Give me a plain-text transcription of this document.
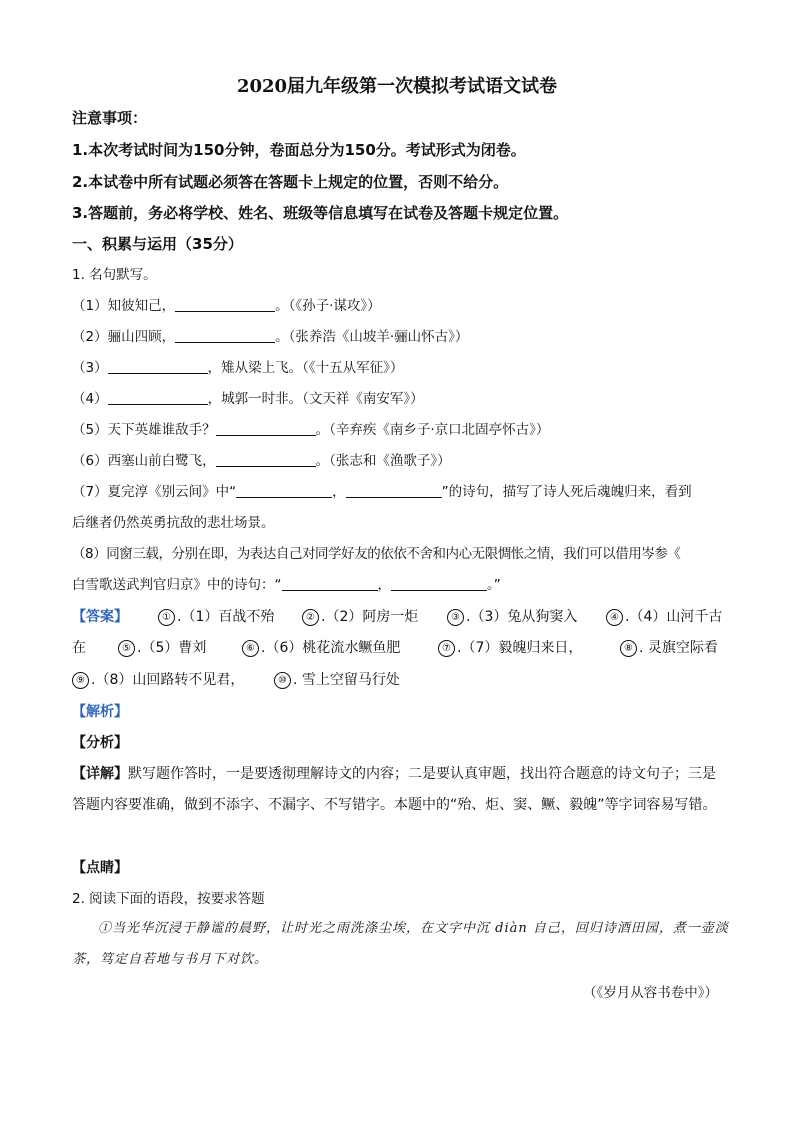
2020届九年级第一次模拟考试语文试卷
注意事项：
1.本次考试时间为150分钟，卷面总分为150分。考试形式为闭卷。
2.本试卷中所有试题必须答在答题卡上规定的位置，否则不给分。
3.答题前，务必将学校、姓名、班级等信息填写在试卷及答题卡规定位置。
一、积累与运用（35分）
1. 名句默写。
（1）知彼知己，	。（《孙子·谋攻》）
（2）骊山四顾，	。（张养浩《山坡羊·骊山怀古》）
（3）	，雉从梁上飞。（《十五从军征》）
（4）	，城郭一时非。（文天祥《南安军》）
（5）天下英雄谁敌手？	。（辛弃疾《南乡子·京口北固亭怀古》）
（6）西塞山前白鹭飞，	。（张志和《渔歌子》）
（7）夏完淳《别云间》中“	，	”的诗句，描写了诗人死后魂魄归来，看到
后继者仍然英勇抗敌的悲壮场景。
（8）同窗三载，分别在即，为表达自己对同学好友的依依不舍和内心无限惆怅之情，我们可以借用岑参《
白雪歌送武判官归京》中的诗句：“	，	。”
【答案】	① .（1）百战不殆	② .（2）阿房一炬	③ .（3）兔从狗窦入	④ .（4）山河千古
在	⑤ .（5）曹刘	⑥ .（6）桃花流水鳜鱼肥	⑦ .（7）毅魄归来日，	⑧ . 灵旗空际看
⑨ .（8）山回路转不见君，	⑩ . 雪上空留马行处
【解析】
【分析】
【详解】默写题作答时，一是要透彻理解诗文的内容；二是要认真审题，找出符合题意的诗文句子；三是
答题内容要准确，做到不添字、不漏字、不写错字。本题中的“殆、炬、窦、鳜、毅魄”等字词容易写错。
【点睛】
2. 阅读下面的语段，按要求答题
①当光华沉浸于静谧的晨野，让时光之雨洗涤尘埃，在文字中沉 diàn 自己，回归诗酒田园，煮一壶淡
茶，笃定自若地与书月下对饮。
（《岁月从容书卷中》）
